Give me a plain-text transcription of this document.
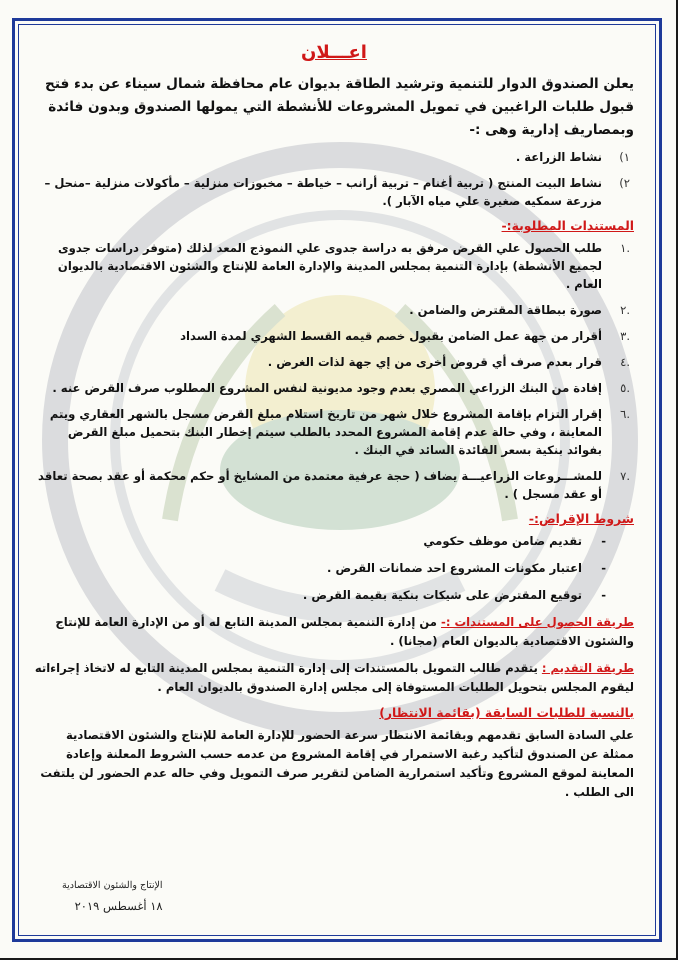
اعـــلان

يعلن الصندوق الدوار للتنمية وترشيد الطاقة بديوان عام محافظة شمال سيناء عن بدء فتح قبول طلبات الراغبين في تمويل المشروعات للأنشطة التي يمولها الصندوق وبدون فائدة وبمصاريف إدارية وهى :-

١)
نشاط الزراعة .
٢)
نشاط البيت المنتج ( تربية أغنام – تربية أرانب – خياطة – مخبوزات منزلية – مأكولات منزلية –منحل – مزرعة سمكيه صغيرة علي مياه الآبار ).
المستندات المطلوبة:-
.١
طلب الحصول علي القرض مرفق به دراسة جدوى علي النموذج المعد لذلك (متوفر دراسات جدوى لجميع الأنشطة) بإدارة التنمية بمجلس المدينة والإدارة العامة للإنتاج والشئون الاقتصادية بالديوان العام .
.٢
صورة ببطاقة المقترض والضامن .
.٣
أقرار من جهة عمل الضامن بقبول خصم قيمه القسط الشهري لمدة السداد
.٤
قرار بعدم صرف أي قروض أخرى من إي جهة لذات الغرض .
.٥
إفادة من البنك الزراعي المصري بعدم وجود مديونية لنفس المشروع المطلوب صرف القرض عنه .
.٦
إقرار التزام بإقامة المشروع خلال شهر من تاريخ استلام مبلغ القرض مسجل بالشهر العقاري ويتم المعاينة ، وفي حالة عدم إقامة المشروع المحدد بالطلب سيتم إخطار البنك بتحميل مبلغ القرض بفوائد بنكية بسعر الفائدة السائد في البنك .
.٧
للمشـــروعات الزراعيـــة يضاف ( حجة عرفية معتمدة من المشايخ أو حكم محكمة أو عقد بصحة تعاقد أو عقد مسجل ) .
شروط الإقراض:-
-
تقديم ضامن موظف حكومي
-
اعتبار مكونات المشروع احد ضمانات القرض .
-
توقيع المقترض على شيكات بنكية بقيمة القرض .

طريقة الحصول على المستندات :- من إدارة التنمية بمجلس المدينة التابع له أو من الإدارة العامة للإنتاج والشئون الاقتصادية بالديوان العام (مجانا) .

طريقة التقديم : يتقدم طالب التمويل بالمستندات إلى إدارة التنمية بمجلس المدينة التابع له لاتخاذ إجراءاته ليقوم المجلس بتحويل الطلبات المستوفاة إلى مجلس إدارة الصندوق بالديوان العام .

بالنسبة للطلبات السابقة (بقائمة الانتظار)

علي السادة السابق تقدمهم وبقائمة الانتظار سرعة الحضور للإدارة العامة للإنتاج والشئون الاقتصادية ممثلة عن الصندوق لتأكيد رغبة الاستمرار في إقامة المشروع من عدمه حسب الشروط المعلنة وإعادة المعاينة لموقع المشروع وتأكيد استمرارية الضامن لتقرير صرف التمويل وفي حاله عدم الحضور لن يلتفت الى الطلب .

الإنتاج والشئون الاقتصادية
١٨ أغسطس ٢٠١٩
